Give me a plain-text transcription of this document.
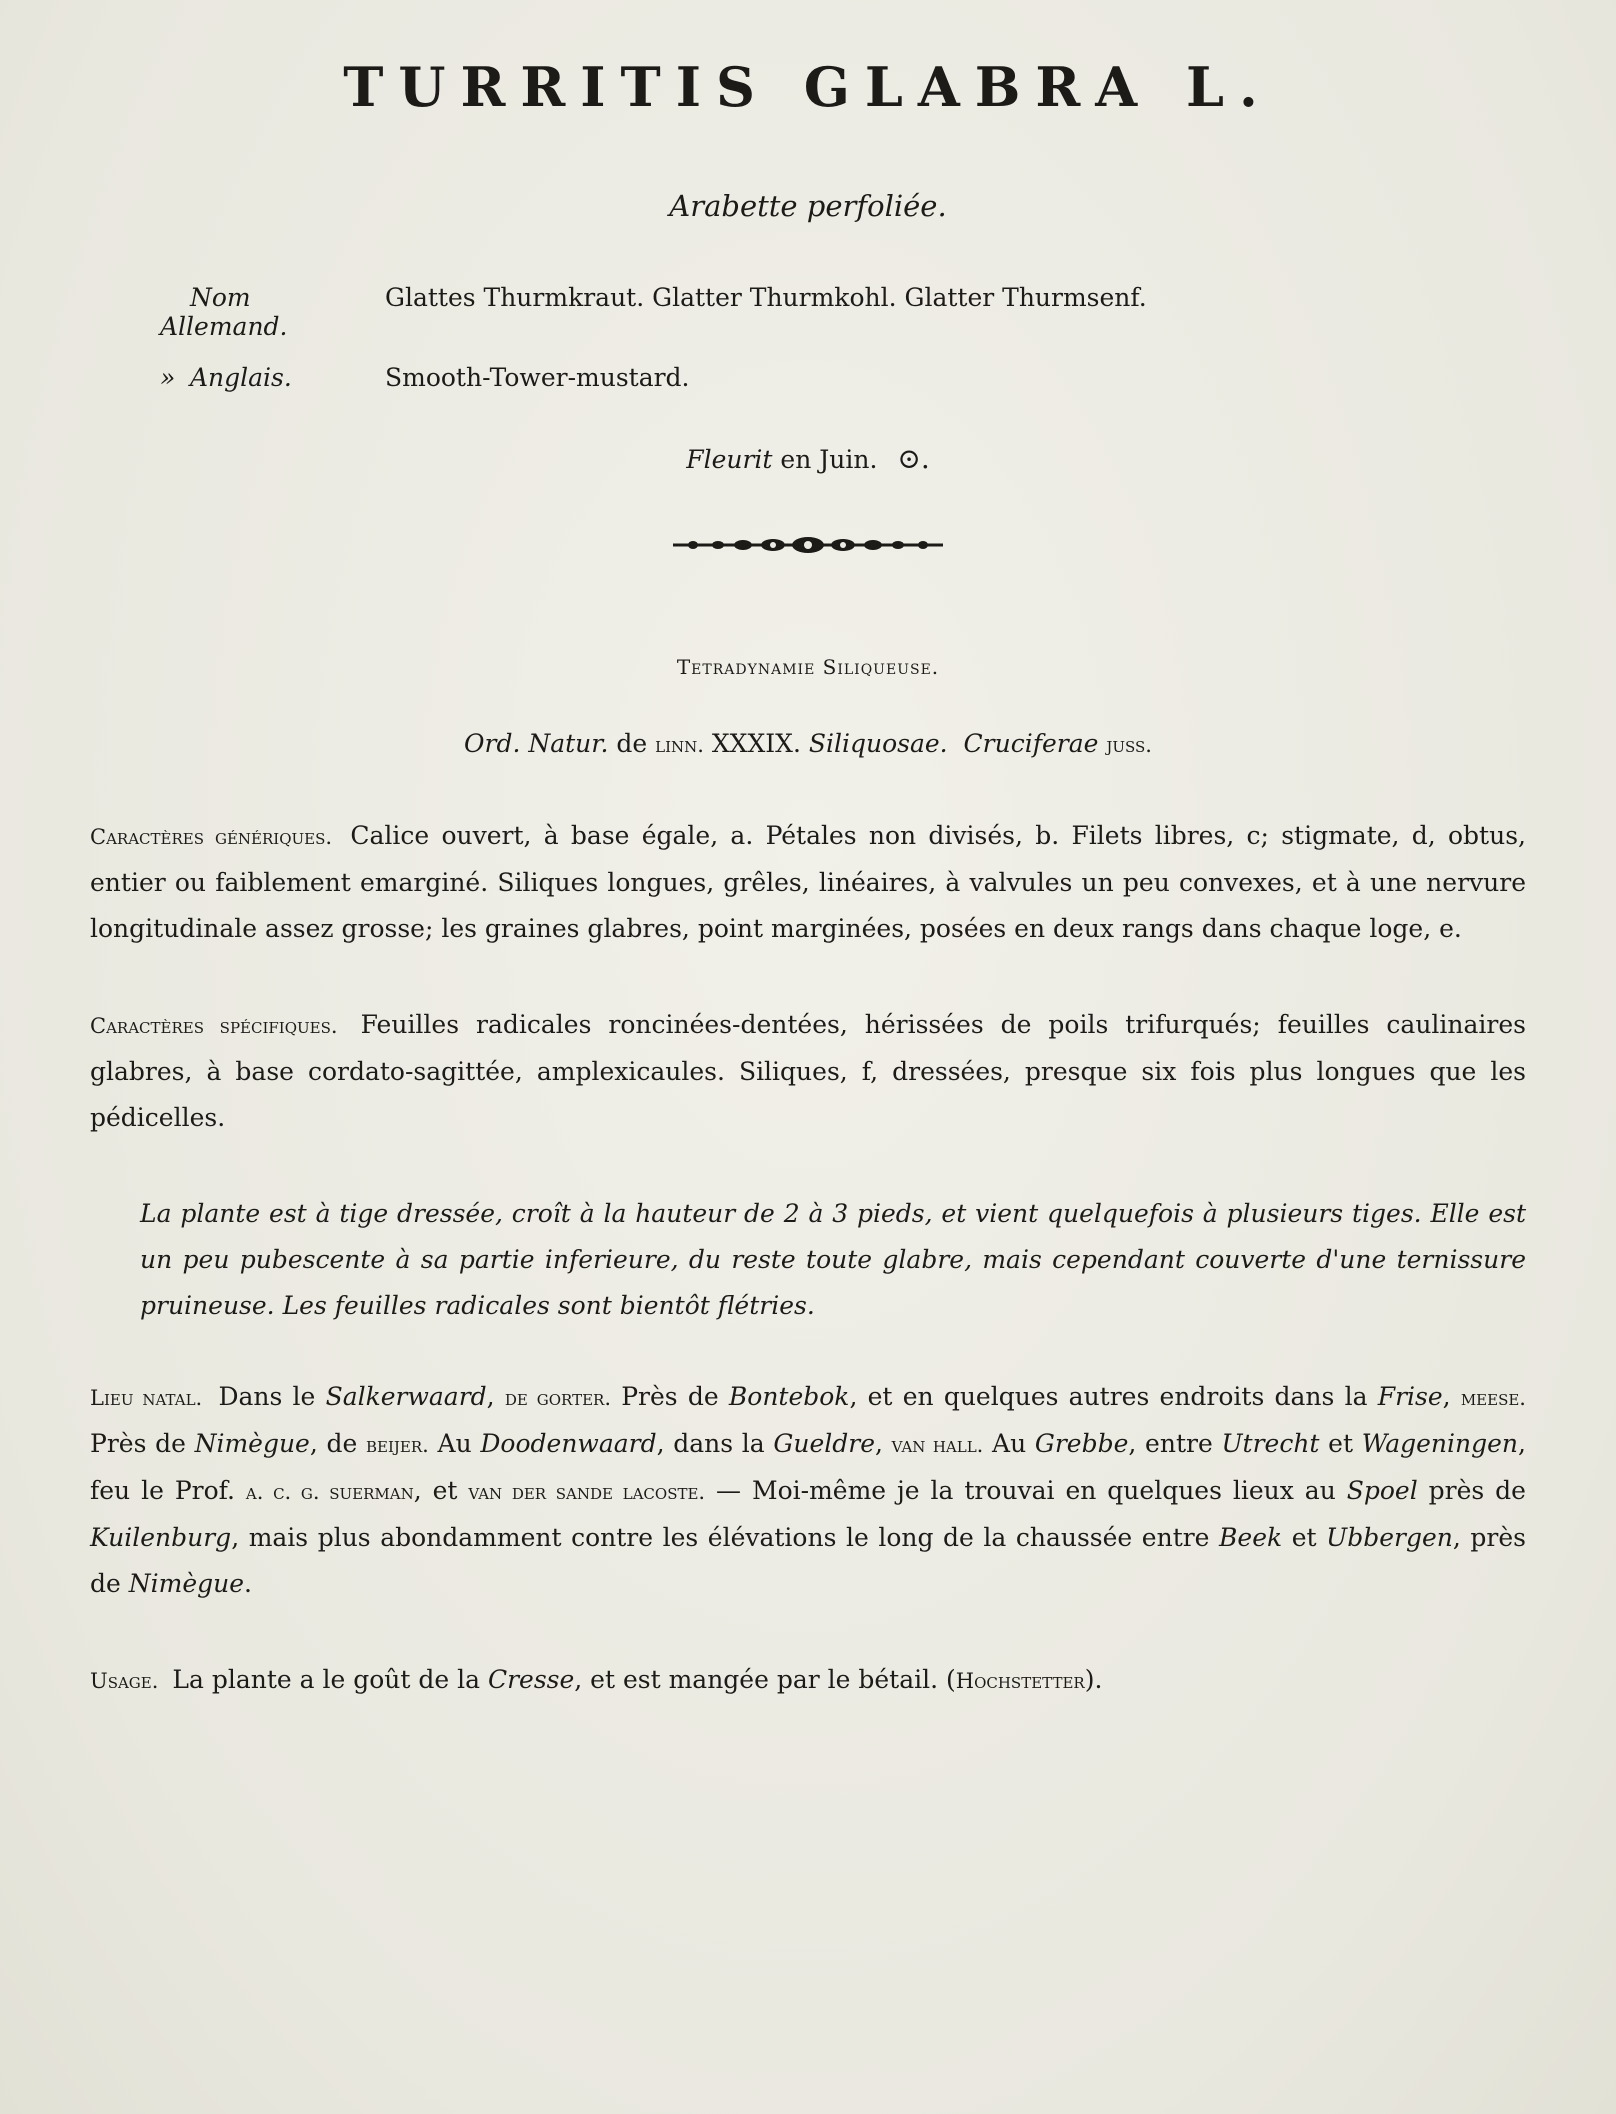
TURRITIS GLABRA L.
Arabette perfoliée.
Nom Allemand.
Glattes Thurmkraut. Glatter Thurmkohl. Glatter Thurmsenf.
» Anglais.	Smooth-Tower-mustard.
Fleurit en Juin. ⊙.
Tetradynamie Siliqueuse.
Ord. Natur. de linn. XXXIX. Siliquosae. Cruciferae juss.

Caractères génériques. Calice ouvert, à base égale, a. Pétales non divisés, b. Filets libres, c; stigmate, d, obtus, entier ou faiblement emarginé. Siliques longues, grêles, linéaires, à valvules un peu convexes, et à une nervure longitudinale assez grosse; les graines glabres, point marginées, posées en deux rangs dans chaque loge, e.

Caractères spécifiques. Feuilles radicales roncinées-dentées, hérissées de poils trifurqués; feuilles caulinaires glabres, à base cordato-sagittée, amplexicaules. Siliques, f, dressées, presque six fois plus longues que les pédicelles.

La plante est à tige dressée, croît à la hauteur de 2 à 3 pieds, et vient quelquefois à plusieurs tiges. Elle est un peu pubescente à sa partie inferieure, du reste toute glabre, mais cependant couverte d'une ternissure pruineuse. Les feuilles radicales sont bientôt flétries.

Lieu natal. Dans le Salkerwaard, de gorter. Près de Bontebok, et en quelques autres endroits dans la Frise, meese. Près de Nimègue, de beijer. Au Doodenwaard, dans la Gueldre, van hall. Au Grebbe, entre Utrecht et Wageningen, feu le Prof. a. c. g. suerman, et van der sande lacoste. — Moi-même je la trouvai en quelques lieux au Spoel près de Kuilenburg, mais plus abondamment contre les élévations le long de la chaussée entre Beek et Ubbergen, près de Nimègue.

Usage. La plante a le goût de la Cresse, et est mangée par le bétail. (Hochstetter).
